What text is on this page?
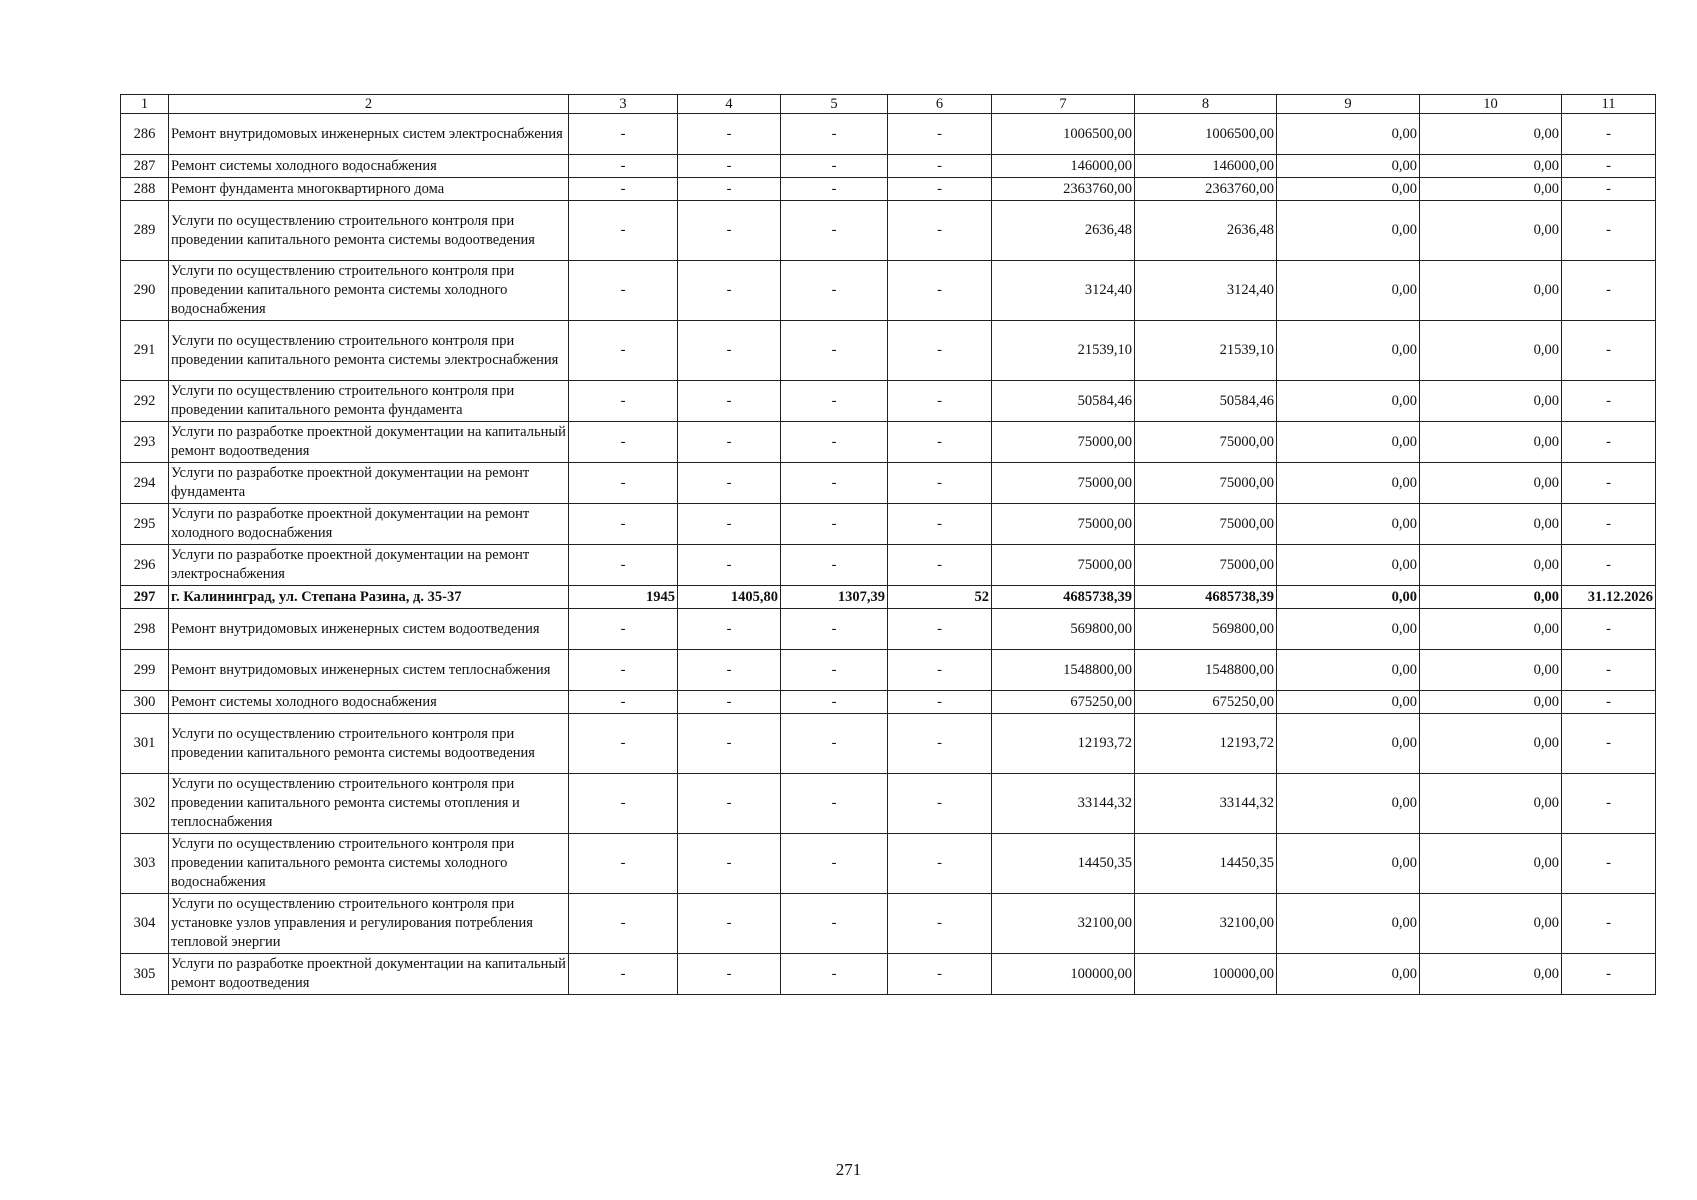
1	2	3	4	5	6	7	8	9	10	11
286	Ремонт внутридомовых инженерных систем электроснабжения	-	-	-	-	1006500,00	1006500,00	0,00	0,00	-
287	Ремонт системы холодного водоснабжения	-	-	-	-	146000,00	146000,00	0,00	0,00	-
288	Ремонт фундамента многоквартирного дома	-	-	-	-	2363760,00	2363760,00	0,00	0,00	-
289	Услуги по осуществлению строительного контроля при проведении капитального ремонта системы водоотведения	-	-	-	-	2636,48	2636,48	0,00	0,00	-
290	Услуги по осуществлению строительного контроля при проведении капитального ремонта системы холодного водоснабжения	-	-	-	-	3124,40	3124,40	0,00	0,00	-
291	Услуги по осуществлению строительного контроля при проведении капитального ремонта системы электроснабжения	-	-	-	-	21539,10	21539,10	0,00	0,00	-
292	Услуги по осуществлению строительного контроля при проведении капитального ремонта фундамента	-	-	-	-	50584,46	50584,46	0,00	0,00	-
293	Услуги по разработке проектной документации на капитальный ремонт водоотведения	-	-	-	-	75000,00	75000,00	0,00	0,00	-
294	Услуги по разработке проектной документации на ремонт фундамента	-	-	-	-	75000,00	75000,00	0,00	0,00	-
295	Услуги по разработке проектной документации на ремонт холодного водоснабжения	-	-	-	-	75000,00	75000,00	0,00	0,00	-
296	Услуги по разработке проектной документации на ремонт электроснабжения	-	-	-	-	75000,00	75000,00	0,00	0,00	-
297	г. Калининград, ул. Степана Разина, д. 35-37	1945	1405,80	1307,39	52	4685738,39	4685738,39	0,00	0,00	31.12.2026
298	Ремонт внутридомовых инженерных систем водоотведения	-	-	-	-	569800,00	569800,00	0,00	0,00	-
299	Ремонт внутридомовых инженерных систем теплоснабжения	-	-	-	-	1548800,00	1548800,00	0,00	0,00	-
300	Ремонт системы холодного водоснабжения	-	-	-	-	675250,00	675250,00	0,00	0,00	-
301	Услуги по осуществлению строительного контроля при проведении капитального ремонта системы водоотведения	-	-	-	-	12193,72	12193,72	0,00	0,00	-
302	Услуги по осуществлению строительного контроля при проведении капитального ремонта системы отопления и теплоснабжения	-	-	-	-	33144,32	33144,32	0,00	0,00	-
303	Услуги по осуществлению строительного контроля при проведении капитального ремонта системы холодного водоснабжения	-	-	-	-	14450,35	14450,35	0,00	0,00	-
304	Услуги по осуществлению строительного контроля при установке узлов управления и регулирования потребления тепловой энергии	-	-	-	-	32100,00	32100,00	0,00	0,00	-
305	Услуги по разработке проектной документации на капитальный ремонт водоотведения	-	-	-	-	100000,00	100000,00	0,00	0,00	-
271
